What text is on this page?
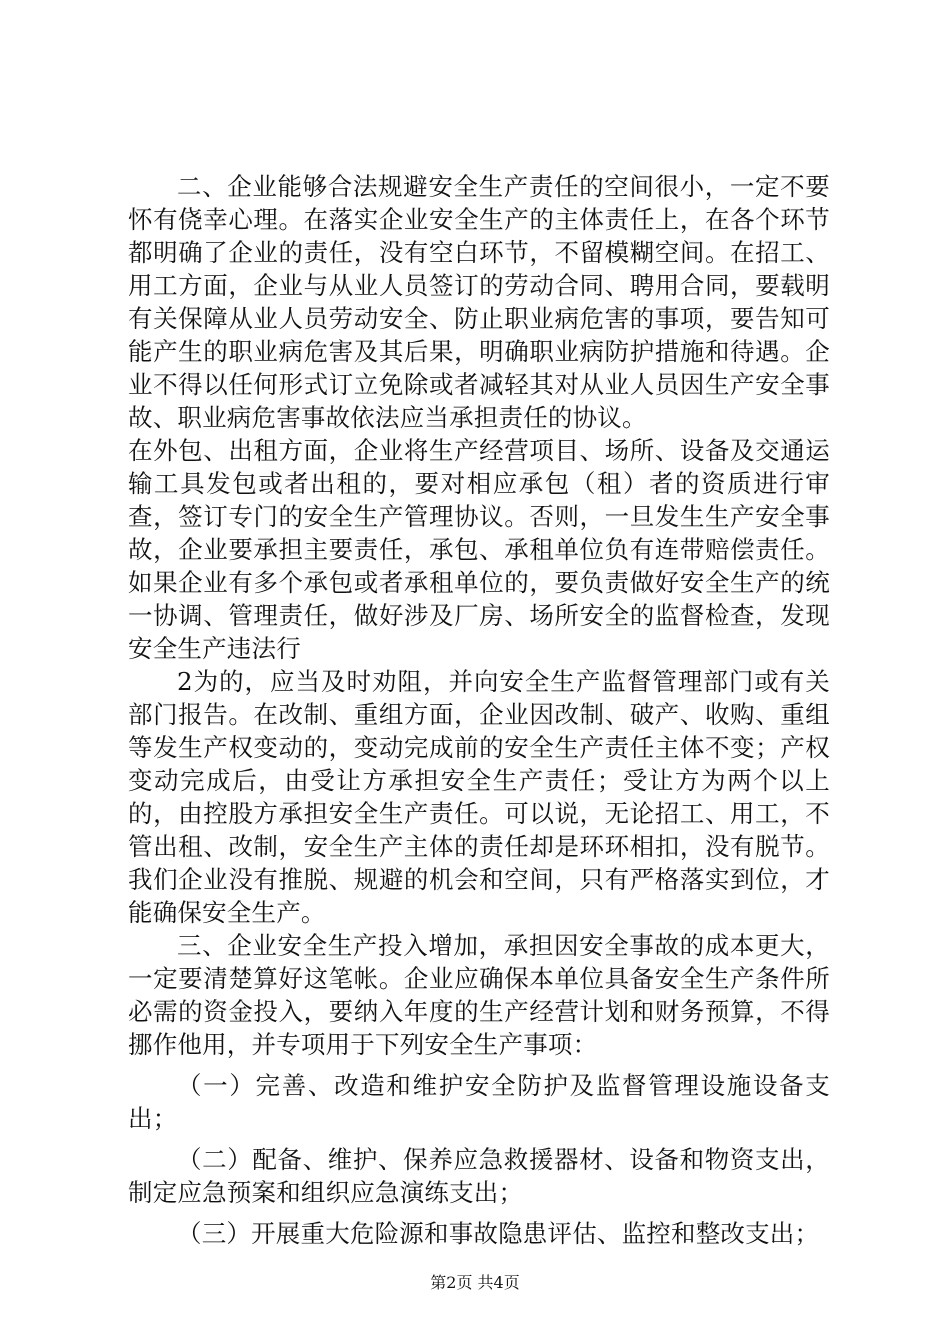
二、企业能够合法规避安全生产责任的空间很小，一定不要怀有侥幸心理。在落实企业安全生产的主体责任上，在各个环节都明确了企业的责任，没有空白环节，不留模糊空间。在招工、用工方面，企业与从业人员签订的劳动合同、聘用合同，要载明有关保障从业人员劳动安全、防止职业病危害的事项，要告知可能产生的职业病危害及其后果，明确职业病防护措施和待遇。企业不得以任何形式订立免除或者减轻其对从业人员因生产安全事故、职业病危害事故依法应当承担责任的协议。

在外包、出租方面，企业将生产经营项目、场所、设备及交通运输工具发包或者出租的，要对相应承包（租）者的资质进行审查，签订专门的安全生产管理协议。否则，一旦发生生产安全事故，企业要承担主要责任，承包、承租单位负有连带赔偿责任。如果企业有多个承包或者承租单位的，要负责做好安全生产的统一协调、管理责任，做好涉及厂房、场所安全的监督检查，发现安全生产违法行

2为的，应当及时劝阻，并向安全生产监督管理部门或有关部门报告。在改制、重组方面，企业因改制、破产、收购、重组等发生产权变动的，变动完成前的安全生产责任主体不变；产权变动完成后，由受让方承担安全生产责任；受让方为两个以上的，由控股方承担安全生产责任。可以说，无论招工、用工，不管出租、改制，安全生产主体的责任却是环环相扣，没有脱节。我们企业没有推脱、规避的机会和空间，只有严格落实到位，才能确保安全生产。

三、企业安全生产投入增加，承担因安全事故的成本更大，一定要清楚算好这笔帐。企业应确保本单位具备安全生产条件所必需的资金投入，要纳入年度的生产经营计划和财务预算，不得挪作他用，并专项用于下列安全生产事项：

（一）完善、改造和维护安全防护及监督管理设施设备支出；

（二）配备、维护、保养应急救援器材、设备和物资支出，制定应急预案和组织应急演练支出；

（三）开展重大危险源和事故隐患评估、监控和整改支出；

第2页 共4页
